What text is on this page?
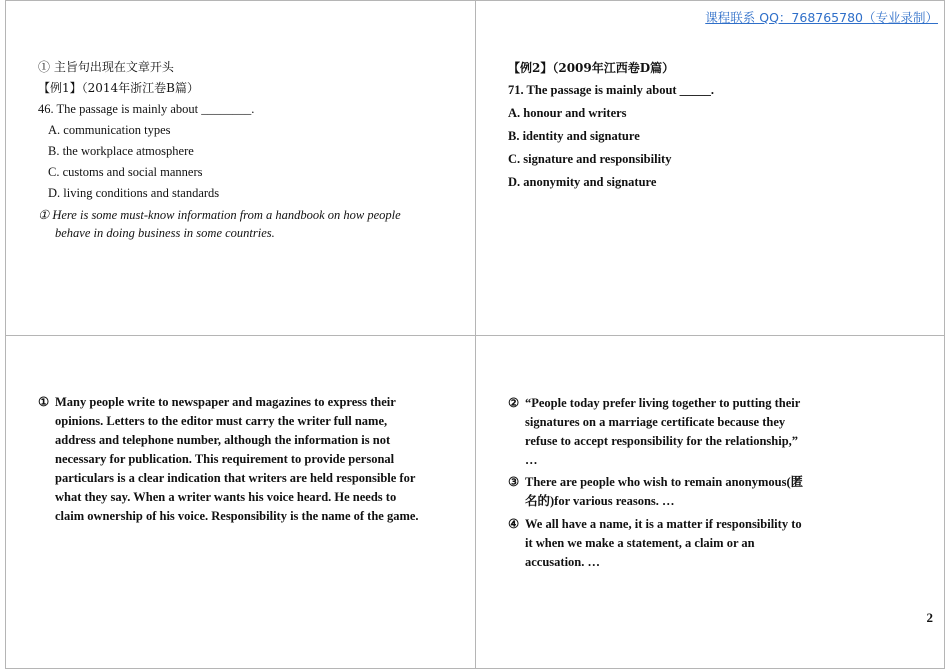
课程联系 QQ：768765780（专业录制）
① 主旨句出现在文章开头
【例1】（2014年浙江卷B篇）
46. The passage is mainly about ________.
A. communication types
B. the workplace atmosphere
C. customs and social manners
D. living conditions and standards
① Here is some must-know information from a handbook on how people
behave in doing business in some countries.
【例2】（2009年江西卷D篇）
71. The passage is mainly about _____.
A. honour and writers
B. identity and signature
C. signature and responsibility
D. anonymity and signature
① Many people write to newspaper and magazines to express their
opinions. Letters to the editor must carry the writer full name,
address and telephone number, although the information is not
necessary for publication. This requirement to provide personal
particulars is a clear indication that writers are held responsible for
what they say. When a writer wants his voice heard. He needs to
claim ownership of his voice. Responsibility is the name of the game.
② “People today prefer living together to putting their
signatures on a marriage certificate because they
refuse to accept responsibility for the relationship,”
…
③ There are people who wish to remain anonymous(匿
名的)for various reasons. …
④ We all have a name, it is a matter if responsibility to
it when we make a statement, a claim or an
accusation. …
2
